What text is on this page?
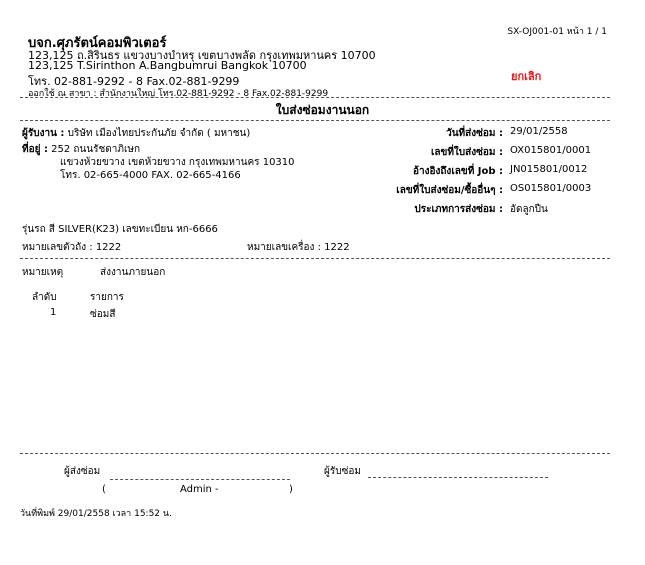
SX-OJ001-01 หน้า 1 / 1
บจก.ศุภรัตน์คอมพิวเตอร์
123,125 ถ.สิรินธร แขวงบางบำหรุ เขตบางพลัด กรุงเทพมหานคร 10700
123,125 T.Sirinthon A.Bangbumrui Bangkok 10700
โทร. 02-881-9292 - 8 Fax.02-881-9299
ออกใช้ ณ สาขา : สำนักงานใหญ่ โทร.02-881-9292 - 8 Fax.02-881-9299
ยกเลิก
ใบส่งซ่อมงานนอก
ผู้รับงาน : บริษัท เมืองไทยประกันภัย จำกัด ( มหาชน)
ที่อยู่ : 252 ถนนรัชดาภิเษก
แขวงห้วยขวาง เขตห้วยขวาง กรุงเทพมหานคร 10310
โทร. 02-665-4000 FAX. 02-665-4166
วันที่ส่งซ่อม : 29/01/2558
เลขที่ใบส่งซ่อม : OX015801/0001
อ้างอิงถึงเลขที่ Job : JN015801/0012
เลขที่ใบส่งซ่อม/ซื้ออื่นๆ : OS015801/0003
ประเภทการส่งซ่อม : อัดลูกปืน
รุ่นรถ สี SILVER(K23) เลขทะเบียน หก-6666
หมายเลขตัวถัง : 1222	หมายเลขเครื่อง : 1222
หมายเหตุ	ส่งงานภายนอก
ลำดับ	รายการ
1	ซ่อมสี
ผู้ส่งซ่อม
(	Admin -	)
ผู้รับซ่อม
วันที่พิมพ์ 29/01/2558 เวลา 15:52 น.
